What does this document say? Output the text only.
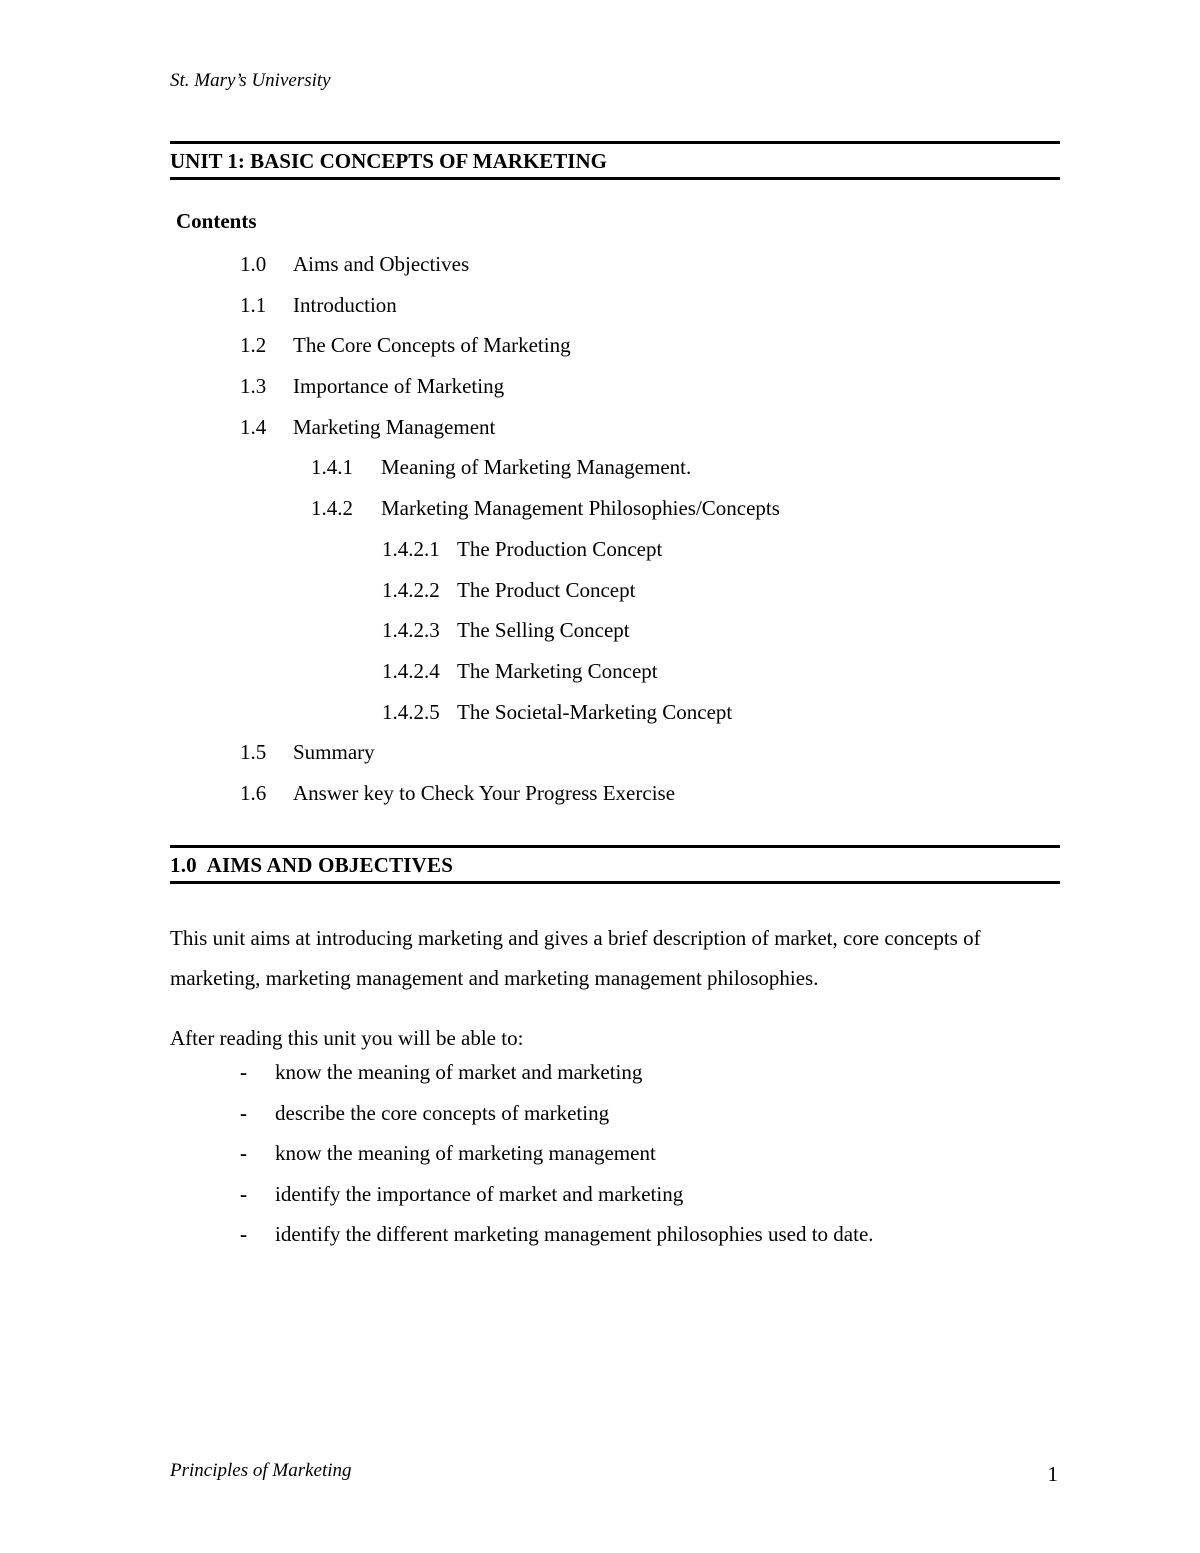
St. Mary’s University
UNIT 1: BASIC CONCEPTS OF MARKETING
Contents
1.0 Aims and Objectives
1.1 Introduction
1.2 The Core Concepts of Marketing
1.3 Importance of Marketing
1.4 Marketing Management
1.4.1 Meaning of Marketing Management.
1.4.2 Marketing Management Philosophies/Concepts
1.4.2.1 The Production Concept
1.4.2.2 The Product Concept
1.4.2.3 The Selling Concept
1.4.2.4 The Marketing Concept
1.4.2.5 The Societal-Marketing Concept
1.5 Summary
1.6 Answer key to Check Your Progress Exercise
1.0  AIMS AND OBJECTIVES

This unit aims at introducing marketing and gives a brief description of market, core concepts of marketing, marketing management and marketing management philosophies.

After reading this unit you will be able to:

- know the meaning of market and marketing
- describe the core concepts of marketing
- know the meaning of marketing management
- identify the importance of market and marketing
- identify the different marketing management philosophies used to date.
Principles of Marketing	1
